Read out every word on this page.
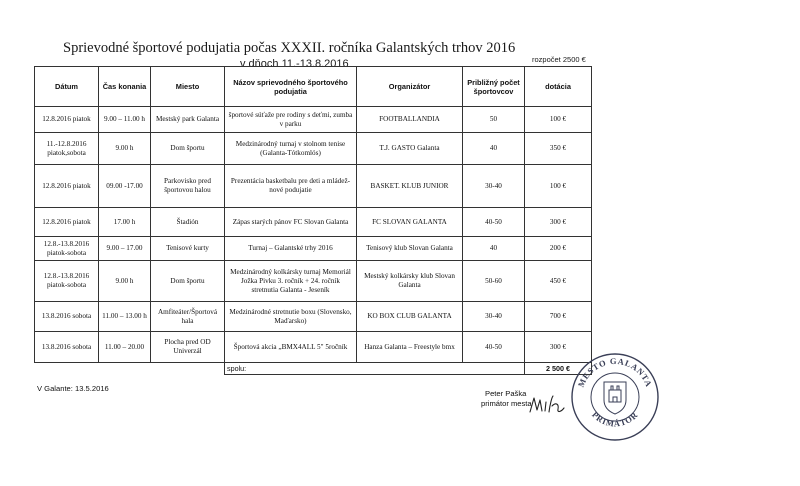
Sprievodné športové podujatia počas XXXII. ročníka Galantských trhov 2016
v dňoch 11.-13.8.2016	rozpočet 2500 €
Dátum	Čas konania	Miesto	Názov sprievodného športového podujatia	Organizátor	Približný počet športovcov	dotácia
12.8.2016 piatok	9.00 – 11.00 h	Mestský park Galanta	športové súťaže pre rodiny s deťmi, zumba v parku	FOOTBALLANDIA	50	100 €
11.-12.8.2016 piatok,sobota	9.00 h	Dom športu	Medzinárodný turnaj v stolnom tenise (Galanta-Tótkomlós)	T.J. GASTO Galanta	40	350 €
12.8.2016 piatok	09.00 -17.00	Parkovisko pred športovou halou	Prezentácia basketbalu pre deti a mládež-nové podujatie	BASKET. KLUB JUNIOR	30-40	100 €
12.8.2016 piatok	17.00 h	Štadión	Zápas starých pánov FC Slovan Galanta	FC SLOVAN GALANTA	40-50	300 €
12.8.-13.8.2016 piatok-sobota	9.00 – 17.00	Tenisové kurty	Turnaj – Galantské trhy 2016	Tenisový klub Slovan Galanta	40	200 €
12.8.-13.8.2016 piatok-sobota	9.00 h	Dom športu	Medzinárodný kolkársky turnaj Memoriál Jožka Pivku 3. ročník + 24. ročník stretnutia Galanta - Jeseník	Mestský kolkársky klub Slovan Galanta	50-60	450 €
13.8.2016 sobota	11.00 – 13.00 h	Amfiteáter/Športová hala	Medzinárodné stretnutie boxu (Slovensko, Maďarsko)	KO BOX CLUB GALANTA	30-40	700 €
13.8.2016 sobota	11.00 – 20.00	Plocha pred OD Univerzál	Športová akcia „BMX4ALL 5" 5ročník	Hanza Galanta – Freestyle bmx	40-50	300 €
			spolu:			2 500 €
V Galante: 13.5.2016
Peter Paška
primátor mesta
MESTO GALANTA
PRIMÁTOR
